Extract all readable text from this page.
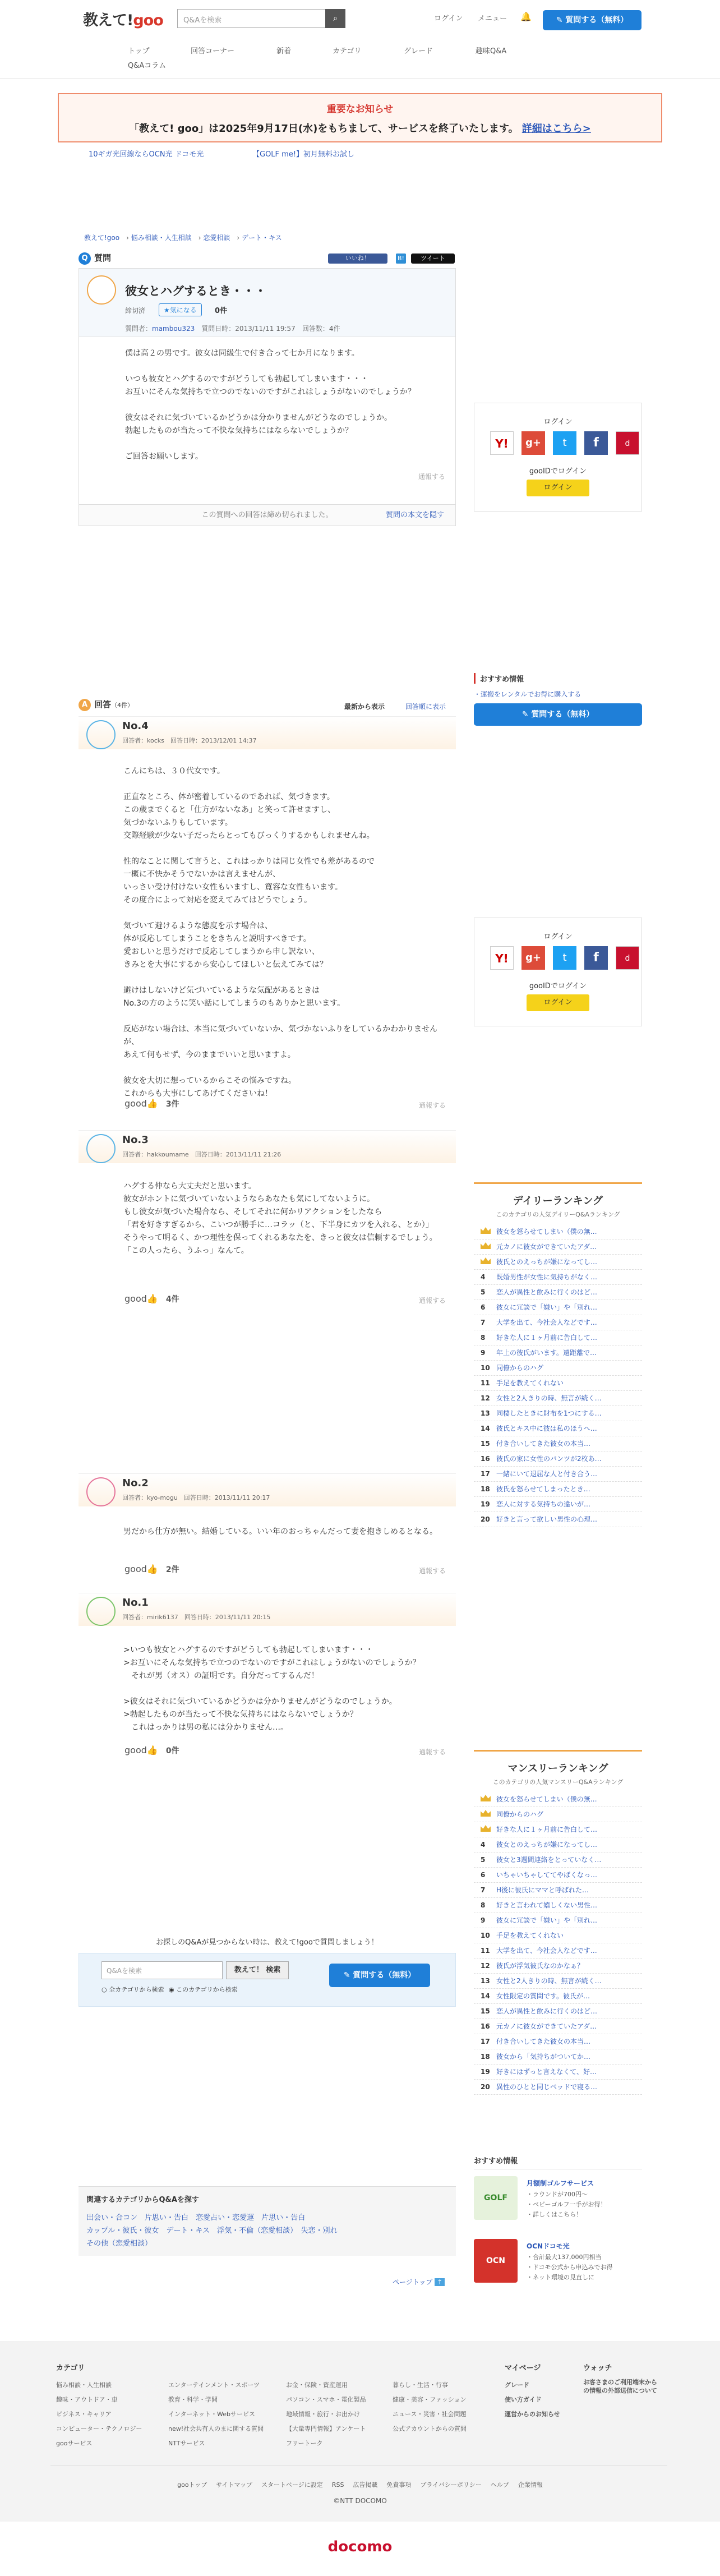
教えて!goo	Q&Aを検索	⌕	ログイン メニュー 🔔	✎ 質問する（無料）
トップ	回答コーナー	新着	カテゴリ	グレード	趣味Q&A
Q&Aコラム
重要なお知らせ
「教えて! goo」は2025年9月17日(水)をもちまして、サービスを終了いたします。 詳細はこちら>
10ギガ光回線ならOCN光 ドコモ光	【GOLF me!】初月無料お試し
教えて!goo › 悩み相談・人生相談 › 恋愛相談 › デート・キス
Q 質問	いいね！	B!	ツイート
彼女とハグするとき・・・
締切済	★気になる	0件
質問者：mambou323　 質問日時：2013/11/11 19:57　 回答数：4件
僕は高２の男です。彼女は同級生で付き合って七か月になります。

いつも彼女とハグするのですがどうしても勃起してしまいます・・・
お互いにそんな気持ちで立つのでないのですがこれはしょうがないのでしょうか？

彼女はそれに気づいているかどうかは分かりませんがどうなのでしょうか。
勃起したものが当たって不快な気持ちにはならないでしょうか？

ご回答お願いします。
通報する
この質問への回答は締め切られました。	質問の本文を隠す
ログイン
Y!	g+	t	f	d
gooIDでログイン
ログイン
おすすめ情報
・運搬をレンタルでお得に購入する
✎ 質問する（無料）
A 回答（4件）	最新から表示	回答順に表示
No.4
回答者：kocks　 回答日時：2013/12/01 14:37
こんにちは、３０代女です。

正直なところ、体が密着しているのであれば、気づきます。
この歳までくると「仕方がないなあ」と笑って許せますし、
気づかないふりもしています。
交際経験が少ない子だったらとってもびっくりするかもしれませんね。

性的なことに関して言うと、これはっかりは同じ女性でも差があるので
一概に不快かそうでないかは言えませんが、
いっさい受け付けない女性もいますし、寛容な女性もいます。
その度合によって対応を変えてみてはどうでしょう。

気づいて避けるような態度を示す場合は、
体が反応してしまうことをきちんと説明すべきです。
愛おしいと思うだけで反応してしまうから申し訳ない、
きみとを大事にするから安心してほしいと伝えてみては？

避けはしないけど気づいているような気配があるときは
No.3の方のように笑い話にしてしまうのもありかと思います。

反応がない場合は、本当に気づいていないか、気づかないふりをしているかわかりませんが、
あえて何もせず、今のままでいいと思いますよ。

彼女を大切に想っているからこその悩みですね。
これからも大事にしてあげてくださいね！
good👍 3件	通報する
No.3
回答者：hakkoumame　 回答日時：2013/11/11 21:26
ハグする仲なら大丈夫だと思います。
彼女がホントに気づいていないようならあなたも気にしてないように。
もし彼女が気づいた場合なら、そしてそれに何かリアクションをしたなら
「君を好きすぎるから、こいつが勝手に…コラッ（と、下半身にカツを入れる、とか）」
そうやって明るく、かつ理性を保ってくれるあなたを、きっと彼女は信頼するでしょう。
「この人ったら、うふっ」なんて。
good👍 4件	通報する
No.2
回答者：kyo-mogu　 回答日時：2013/11/11 20:17
男だから仕方が無い。結婚している。いい年のおっちゃんだって妻を抱きしめるとなる。
good👍 2件	通報する
No.1
回答者：mirik6137　 回答日時：2013/11/11 20:15
>いつも彼女とハグするのですがどうしても勃起してしまいます・・・
>お互いにそんな気持ちで立つのでないのですがこれはしょうがないのでしょうか？
　それが男（オス）の証明です。自分だってするんだ！

>彼女はそれに気づいているかどうかは分かりませんがどうなのでしょうか。
>勃起したものが当たって不快な気持ちにはならないでしょうか？
　これはっかりは男の私には分かりません…。
good👍 0件	通報する
ログイン
Y!	g+	t	f	d
gooIDでログイン
ログイン
デイリーランキング
このカテゴリの人気デイリーQ&Aランキング
彼女を怒らせてしまい（僕の無…
元カノに彼女ができていたアダ…
彼氏とのえっちが嫌になってし…
4	既婚男性が女性に気持ちがなく…
5	恋人が異性と飲みに行くのはど…
6	彼女に冗談で「嫌い」や「別れ…
7	大学を出て、今社会人などです…
8	好きな人に１ヶ月前に告白して…
9	年上の彼氏がいます。遠距離で…
10 同僚からのハグ
11 手足を教えてくれない
12 女性と2人きりの時、無言が続く…
13 同棲したときに財布を1つにする…
14 彼氏とキス中に彼は私のほうへ…
15 付き合いしてきた彼女の本当…
16 彼氏の家に女性のパンツが2枚あ…
17 一緒にいて退屈な人と付き合う…
18 彼氏を怒らせてしまったとき…
19 恋人に対する気持ちの違いが…
20 好きと言って欲しい男性の心理…
マンスリーランキング
このカテゴリの人気マンスリーQ&Aランキング
彼女を怒らせてしまい（僕の無…
同僚からのハグ
好きな人に１ヶ月前に告白して…
4	彼女とのえっちが嫌になってし…
5	彼女と3週間連絡をとっていなく…
6	いちゃいちゃしててやばくなっ…
7	H後に彼氏にママと呼ばれた…
8	好きと言われて嬉しくない男性…
9	彼女に冗談で「嫌い」や「別れ…
10 手足を教えてくれない
11 大学を出て、今社会人などです…
12 彼氏が浮気彼氏なのかなぁ？
13 女性と2人きりの時、無言が続く…
14 女性限定の質問です。彼氏が…
15 恋人が異性と飲みに行くのはど…
16 元カノに彼女ができていたアダ…
17 付き合いしてきた彼女の本当…
18 彼女から「気持ちがついてか…
19 好きにはずっと言えなくて、好…
20 異性のひとと同じベッドで寝る…
おすすめ情報
GOLF
月額制ゴルフサービス
・ラウンドが700円〜
・ベビーゴルフ一手がお得！
・詳しくはこちら！
OCN
OCNドコモ光
・合計最大137,000円相当
・ドコモ公式から申込みでお得
・ネット環境の見直しに
お探しのQ&Aが見つからない時は、教えて!gooで質問しましょう！
Q&Aを検索	教えて！ 検索
○ 全カテゴリから検索 ◉ このカテゴリから検索
✎ 質問する（無料）
関連するカテゴリからQ&Aを探す
出会い・合コン　 片思い・告白　 恋愛占い・恋愛運　 片思い・告白
カップル・彼氏・彼女　 デート・キス　 浮気・不倫（恋愛相談）　 失恋・別れ
その他（恋愛相談）
ページトップ ↑
カテゴリ
悩み相談・人生相談
趣味・アウトドア・車
ビジネス・キャリア
コンピューター・テクノロジー
gooサービス

エンターテインメント・スポーツ
教育・科学・学問
インターネット・Webサービス
new!社会共有人のまに関する質問
NTTサービス

お金・保険・資産運用
パソコン・スマホ・電化製品
地域情報・旅行・お出かけ
【大量専門情報】アンケート
フリートーク

暮らし・生活・行事
健康・美容・ファッション
ニュース・災害・社会問題
公式アカウントからの質問
マイページ
グレード
使い方ガイド
運営からのお知らせ
ウォッチ
お客さまのご利用端末からの情報の外部送信について
gooトップ サイトマップ スタートページに設定 RSS 広告掲載 免責事項 プライバシーポリシー ヘルプ 企業情報
©NTT DOCOMO
docomo
